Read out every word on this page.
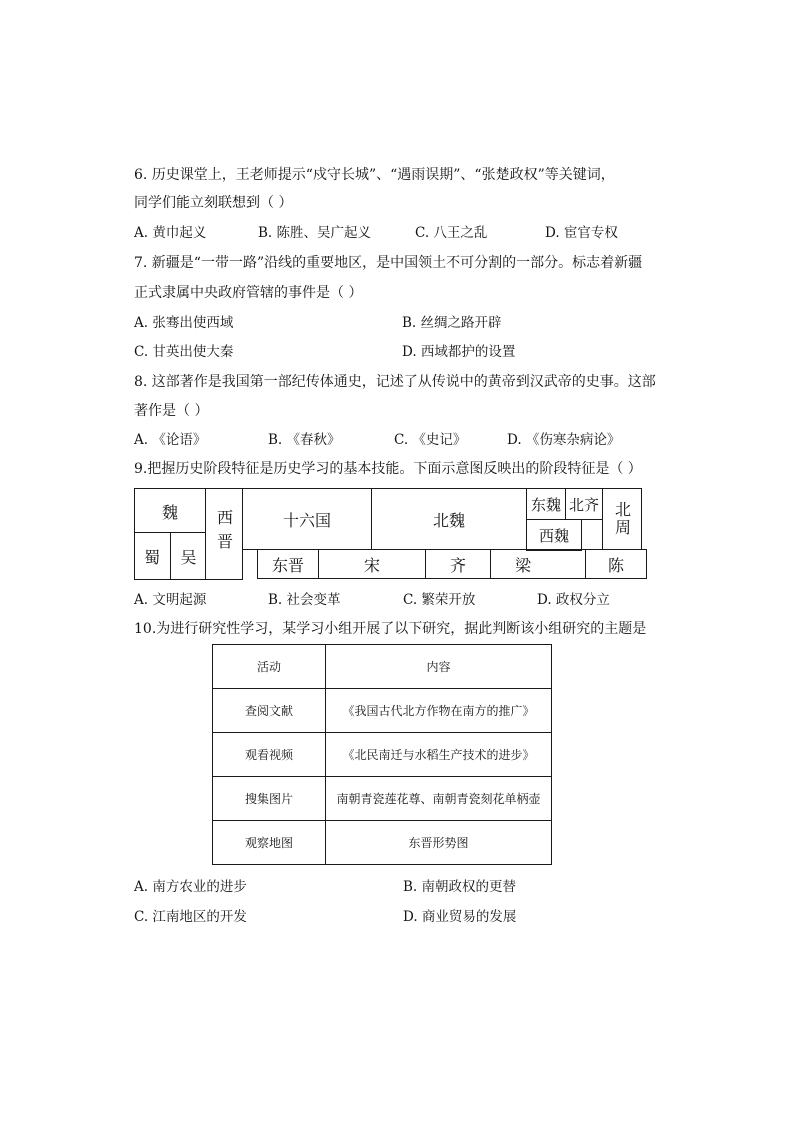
6. 历史课堂上，王老师提示“戍守长城”、“遇雨误期”、“张楚政权”等关键词，
同学们能立刻联想到（ ）
A. 黄巾起义	B. 陈胜、吴广起义	C. 八王之乱	D. 宦官专权
7. 新疆是“一带一路”沿线的重要地区，是中国领土不可分割的一部分。标志着新疆
正式隶属中央政府管辖的事件是（ ）
A. 张骞出使西域	B. 丝绸之路开辟
C. 甘英出使大秦	D. 西域都护的设置
8. 这部著作是我国第一部纪传体通史，记述了从传说中的黄帝到汉武帝的史事。这部
著作是（ ）
A. 《论语》	B. 《春秋》	C. 《史记》	D. 《伤寒杂病论》
9.把握历史阶段特征是历史学习的基本技能。下面示意图反映出的阶段特征是（ ）
魏
蜀	吴	西晋	十六国	北魏
东魏 北齐
西魏	北周
东晋	宋	齐	梁	陈
A. 文明起源	B. 社会变革	C. 繁荣开放	D. 政权分立
10.为进行研究性学习，某学习小组开展了以下研究，据此判断该小组研究的主题是
活动	内容
查阅文献	《我国古代北方作物在南方的推广》
观看视频	《北民南迁与水稻生产技术的进步》
搜集图片	南朝青瓷莲花尊、南朝青瓷刻花单柄壶
观察地图	东晋形势图
A. 南方农业的进步	B. 南朝政权的更替
C. 江南地区的开发	D. 商业贸易的发展
